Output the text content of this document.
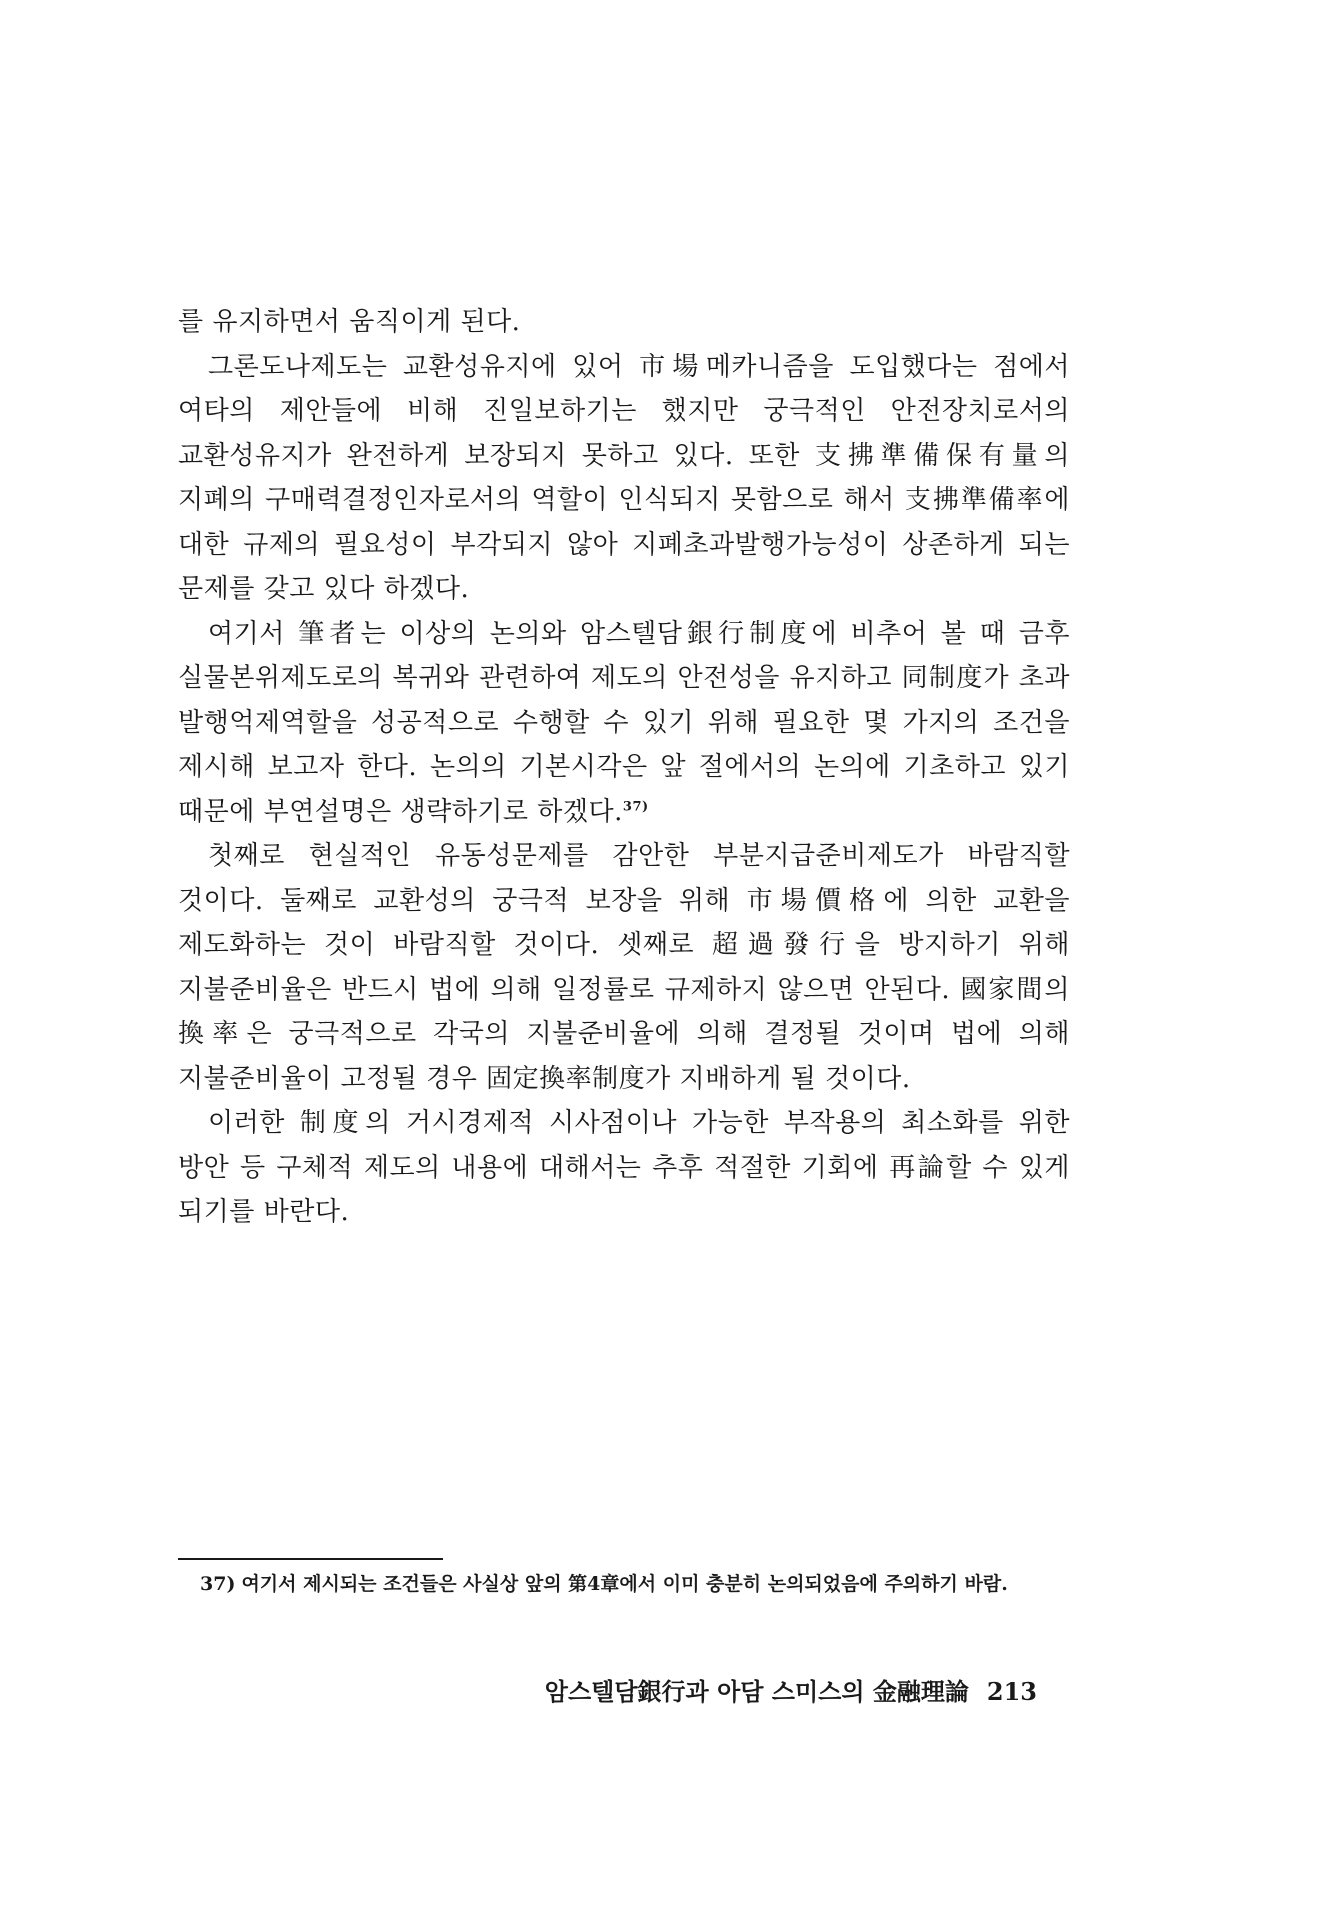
를 유지하면서 움직이게 된다.

그론도나제도는 교환성유지에 있어 市場메카니즘을 도입했다는 점에서 여타의 제안들에 비해 진일보하기는 했지만 궁극적인 안전장치로서의 교환성유지가 완전하게 보장되지 못하고 있다. 또한 支拂準備保有量의 지폐의 구매력결정인자로서의 역할이 인식되지 못함으로 해서 支拂準備率에 대한 규제의 필요성이 부각되지 않아 지폐초과발행가능성이 상존하게 되는 문제를 갖고 있다 하겠다.

여기서 筆者는 이상의 논의와 암스텔담銀行制度에 비추어 볼 때 금후 실물본위제도로의 복귀와 관련하여 제도의 안전성을 유지하고 同制度가 초과 발행억제역할을 성공적으로 수행할 수 있기 위해 필요한 몇 가지의 조건을 제시해 보고자 한다. 논의의 기본시각은 앞 절에서의 논의에 기초하고 있기 때문에 부연설명은 생략하기로 하겠다.$^{37)}$

첫째로 현실적인 유동성문제를 감안한 부분지급준비제도가 바람직할 것이다. 둘째로 교환성의 궁극적 보장을 위해 市場價格에 의한 교환을 제도화하는 것이 바람직할 것이다. 셋째로 超過發行을 방지하기 위해 지불준비율은 반드시 법에 의해 일정률로 규제하지 않으면 안된다. 國家間의 換率은 궁극적으로 각국의 지불준비율에 의해 결정될 것이며 법에 의해 지불준비율이 고정될 경우 固定換率制度가 지배하게 될 것이다.

이러한 制度의 거시경제적 시사점이나 가능한 부작용의 최소화를 위한 방안 등 구체적 제도의 내용에 대해서는 추후 적절한 기회에 再論할 수 있게 되기를 바란다.

37) 여기서 제시되는 조건들은 사실상 앞의 第4章에서 이미 충분히 논의되었음에 주의하기 바람.
암스텔담銀行과 아담 스미스의 金融理論 213
